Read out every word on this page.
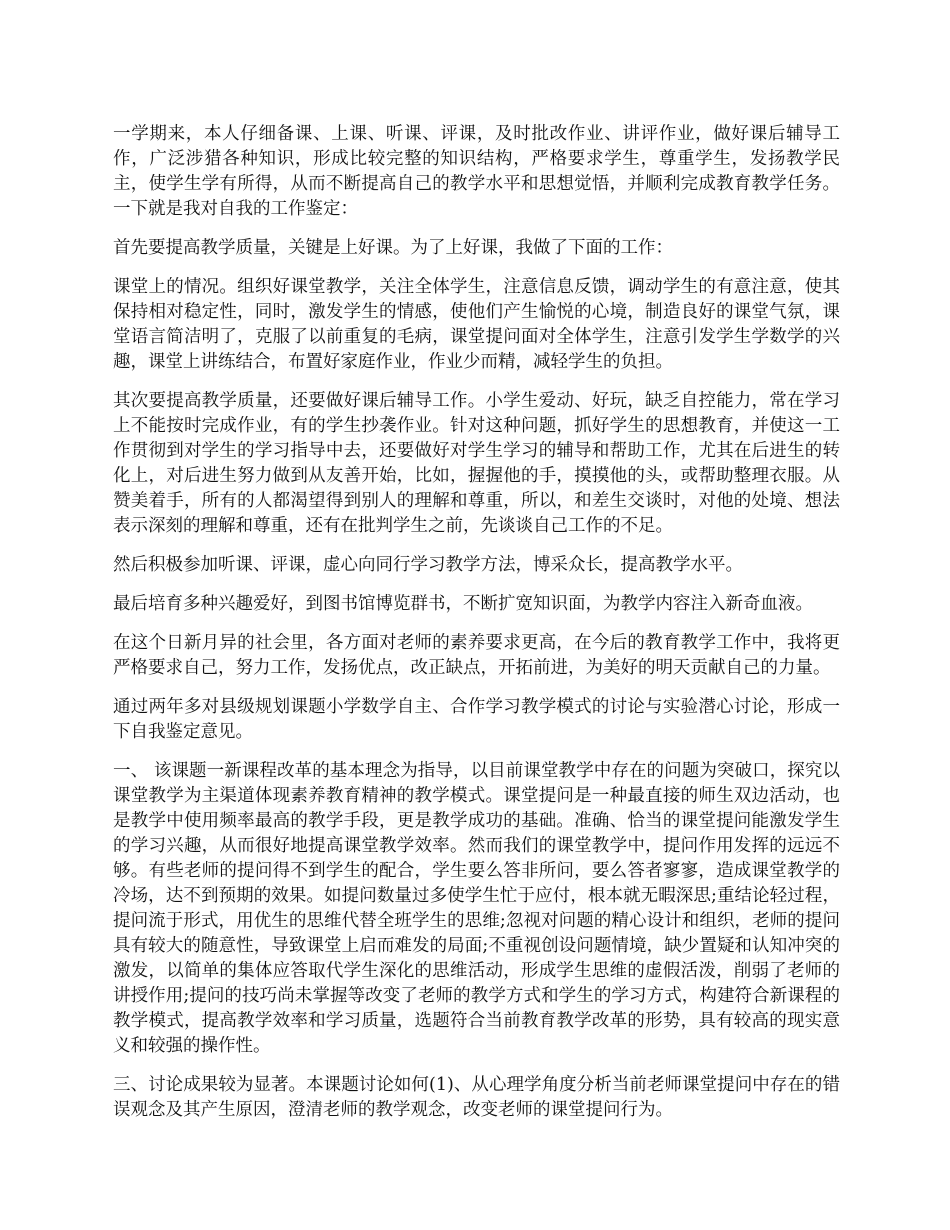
一学期来，本人仔细备课、上课、听课、评课，及时批改作业、讲评作业，做好课后辅导工作，广泛涉猎各种知识，形成比较完整的知识结构，严格要求学生，尊重学生，发扬教学民主，使学生学有所得，从而不断提高自己的教学水平和思想觉悟，并顺利完成教育教学任务。一下就是我对自我的工作鉴定：

首先要提高教学质量，关键是上好课。为了上好课，我做了下面的工作：

课堂上的情况。组织好课堂教学，关注全体学生，注意信息反馈，调动学生的有意注意，使其保持相对稳定性，同时，激发学生的情感，使他们产生愉悦的心境，制造良好的课堂气氛，课堂语言简洁明了，克服了以前重复的毛病，课堂提问面对全体学生，注意引发学生学数学的兴趣，课堂上讲练结合，布置好家庭作业，作业少而精，减轻学生的负担。

其次要提高教学质量，还要做好课后辅导工作。小学生爱动、好玩，缺乏自控能力，常在学习上不能按时完成作业，有的学生抄袭作业。针对这种问题，抓好学生的思想教育，并使这一工作贯彻到对学生的学习指导中去，还要做好对学生学习的辅导和帮助工作，尤其在后进生的转化上，对后进生努力做到从友善开始，比如，握握他的手，摸摸他的头，或帮助整理衣服。从赞美着手，所有的人都渴望得到别人的理解和尊重，所以，和差生交谈时，对他的处境、想法表示深刻的理解和尊重，还有在批判学生之前，先谈谈自己工作的不足。

然后积极参加听课、评课，虚心向同行学习教学方法，博采众长，提高教学水平。

最后培育多种兴趣爱好，到图书馆博览群书，不断扩宽知识面，为教学内容注入新奇血液。

在这个日新月异的社会里，各方面对老师的素养要求更高，在今后的教育教学工作中，我将更严格要求自己，努力工作，发扬优点，改正缺点，开拓前进，为美好的明天贡献自己的力量。

通过两年多对县级规划课题小学数学自主、合作学习教学模式的讨论与实验潜心讨论，形成一下自我鉴定意见。

一、 该课题一新课程改革的基本理念为指导，以目前课堂教学中存在的问题为突破口，探究以课堂教学为主渠道体现素养教育精神的教学模式。课堂提问是一种最直接的师生双边活动，也是教学中使用频率最高的教学手段，更是教学成功的基础。准确、恰当的课堂提问能激发学生的学习兴趣，从而很好地提高课堂教学效率。然而我们的课堂教学中，提问作用发挥的远远不够。有些老师的提问得不到学生的配合，学生要么答非所问，要么答者寥寥，造成课堂教学的冷场，达不到预期的效果。如提问数量过多使学生忙于应付，根本就无暇深思;重结论轻过程，提问流于形式，用优生的思维代替全班学生的思维;忽视对问题的精心设计和组织，老师的提问具有较大的随意性，导致课堂上启而难发的局面;不重视创设问题情境，缺少置疑和认知冲突的激发，以简单的集体应答取代学生深化的思维活动，形成学生思维的虚假活泼，削弱了老师的讲授作用;提问的技巧尚未掌握等改变了老师的教学方式和学生的学习方式，构建符合新课程的教学模式，提高教学效率和学习质量，选题符合当前教育教学改革的形势，具有较高的现实意义和较强的操作性。

三、讨论成果较为显著。本课题讨论如何(1)、从心理学角度分析当前老师课堂提问中存在的错误观念及其产生原因，澄清老师的教学观念，改变老师的课堂提问行为。
